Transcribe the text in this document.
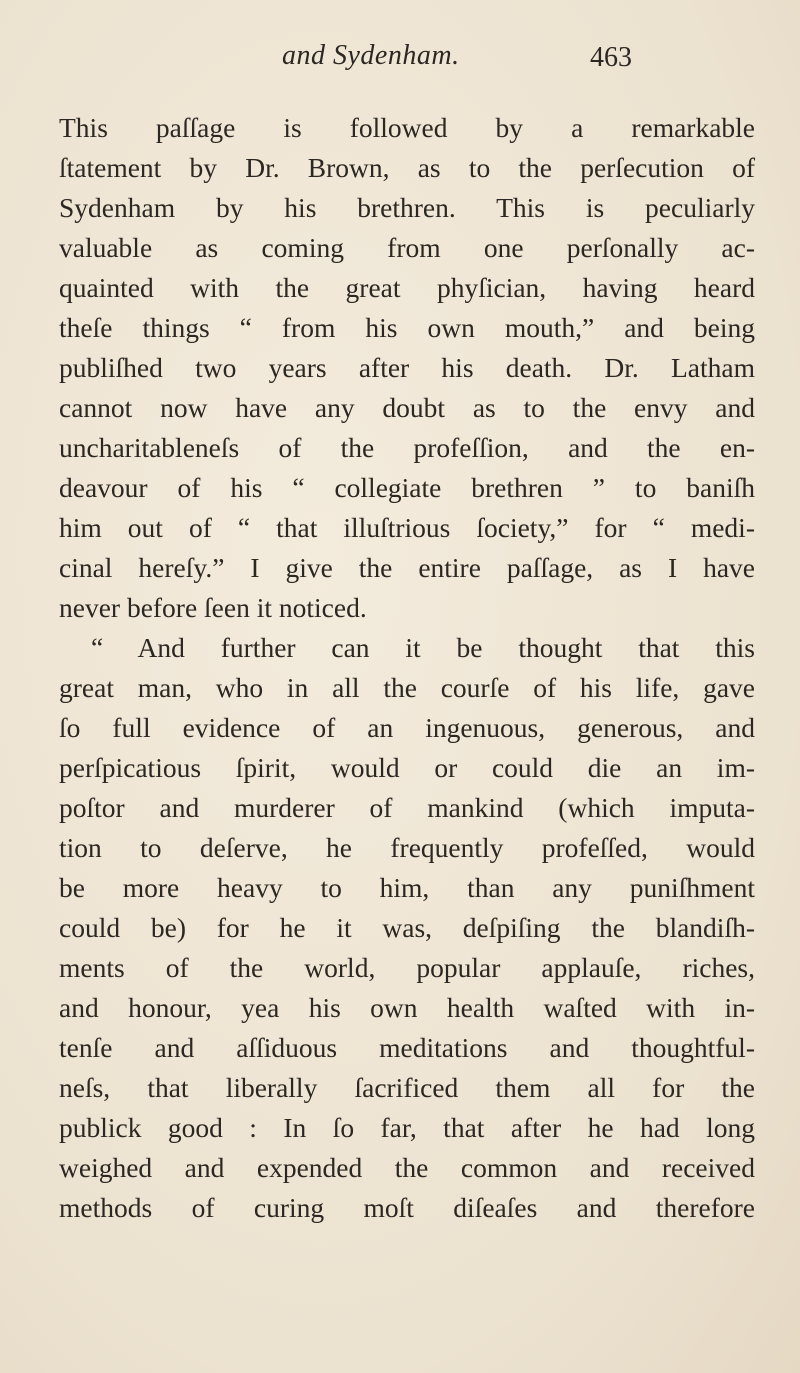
and Sydenham.	463
This paſſage is followed by a remarkable
ſtatement by Dr. Brown, as to the perſecution of
Sydenham by his brethren. This is peculiarly
valuable as coming from one perſonally ac-
quainted with the great phyſician, having heard
theſe things “ from his own mouth,” and being
publiſhed two years after his death. Dr. Latham
cannot now have any doubt as to the envy and
uncharitableneſs of the profeſſion, and the en-
deavour of his “ collegiate brethren ” to baniſh
him out of “ that illuſtrious ſociety,” for “ medi-
cinal hereſy.” I give the entire paſſage, as I have
never before ſeen it noticed.
“ And further can it be thought that this
great man, who in all the courſe of his life, gave
ſo full evidence of an ingenuous, generous, and
perſpicatious ſpirit, would or could die an im-
poſtor and murderer of mankind (which imputa-
tion to deſerve, he frequently profeſſed, would
be more heavy to him, than any puniſhment
could be) for he it was, deſpiſing the blandiſh-
ments of the world, popular applauſe, riches,
and honour, yea his own health waſted with in-
tenſe and aſſiduous meditations and thoughtful-
neſs, that liberally ſacrificed them all for the
publick good : In ſo far, that after he had long
weighed and expended the common and received
methods of curing moſt diſeaſes and therefore
